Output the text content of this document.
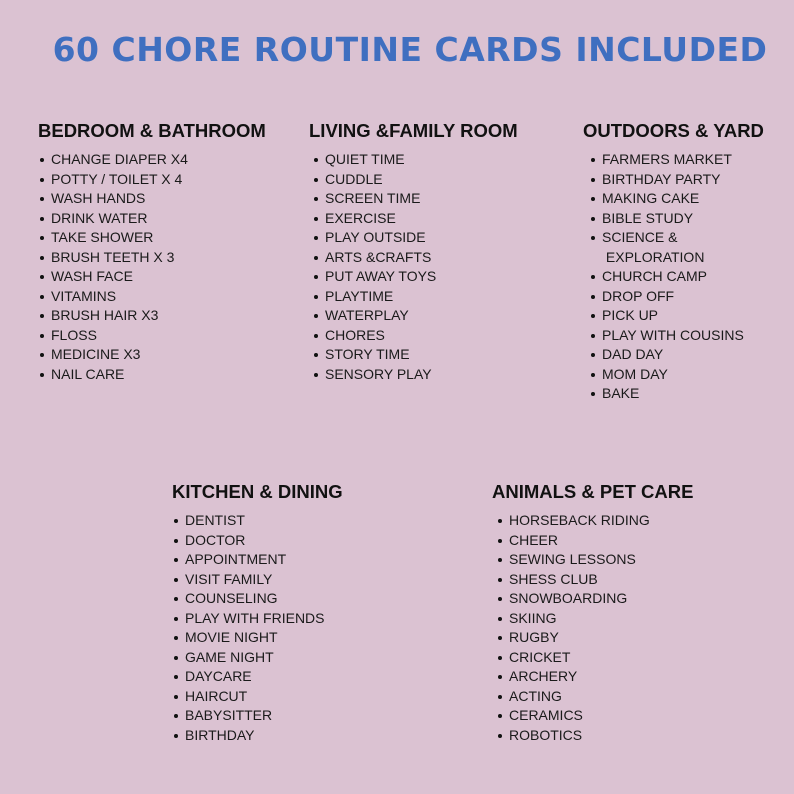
60 CHORE ROUTINE CARDS INCLUDED
BEDROOM & BATHROOM
CHANGE DIAPER X4
POTTY / TOILET X 4
WASH HANDS
DRINK WATER
TAKE SHOWER
BRUSH TEETH X 3
WASH FACE
VITAMINS
BRUSH HAIR X3
FLOSS
MEDICINE X3
NAIL CARE
LIVING &FAMILY ROOM
QUIET TIME
CUDDLE
SCREEN TIME
EXERCISE
PLAY OUTSIDE
ARTS &CRAFTS
PUT AWAY TOYS
PLAYTIME
WATERPLAY
CHORES
STORY TIME
SENSORY PLAY
OUTDOORS & YARD
FARMERS MARKET
BIRTHDAY PARTY
MAKING CAKE
BIBLE STUDY
SCIENCE &
EXPLORATION
CHURCH CAMP
DROP OFF
PICK UP
PLAY WITH COUSINS
DAD DAY
MOM DAY
BAKE
KITCHEN & DINING
DENTIST
DOCTOR
APPOINTMENT
VISIT FAMILY
COUNSELING
PLAY WITH FRIENDS
MOVIE NIGHT
GAME NIGHT
DAYCARE
HAIRCUT
BABYSITTER
BIRTHDAY
ANIMALS & PET CARE
HORSEBACK RIDING
CHEER
SEWING LESSONS
SHESS CLUB
SNOWBOARDING
SKIING
RUGBY
CRICKET
ARCHERY
ACTING
CERAMICS
ROBOTICS
